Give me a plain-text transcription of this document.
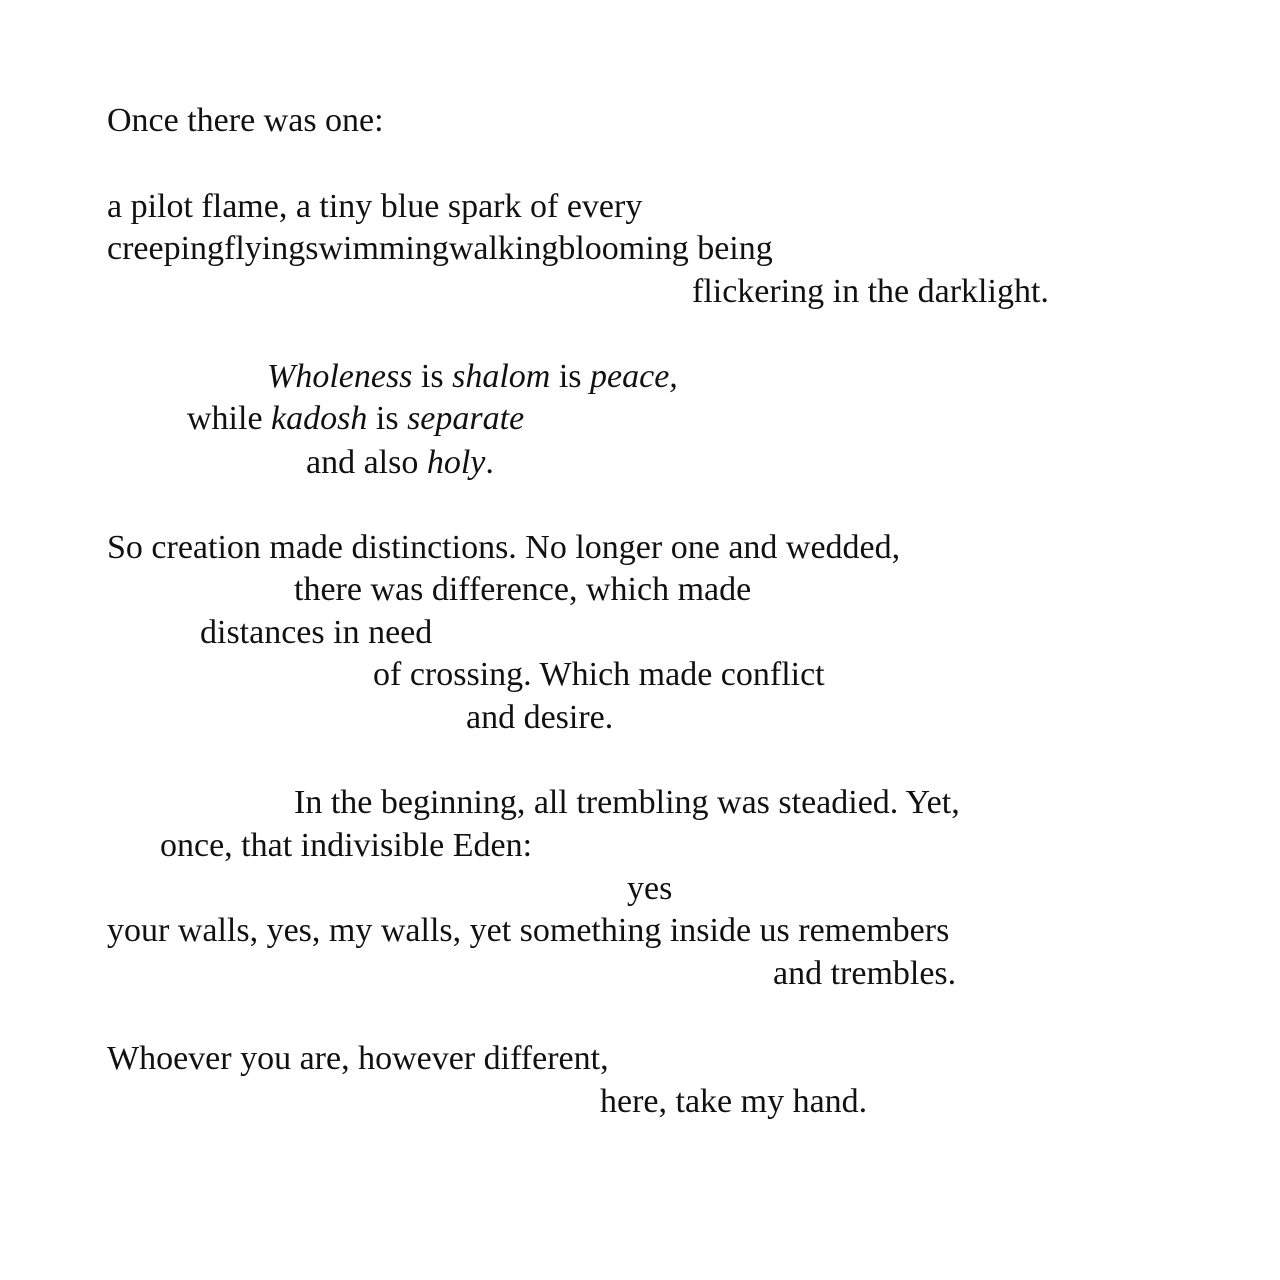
Once there was one:
a pilot flame, a tiny blue spark of every
creepingflyingswimmingwalkingblooming being
flickering in the darklight.
Wholeness is shalom is peace,
while kadosh is separate
and also holy.
So creation made distinctions. No longer one and wedded,
there was difference, which made
distances in need
of crossing. Which made conflict
and desire.
In the beginning, all trembling was steadied. Yet,
once, that indivisible Eden:
yes
your walls, yes, my walls, yet something inside us remembers
and trembles.
Whoever you are, however different,
here, take my hand.
